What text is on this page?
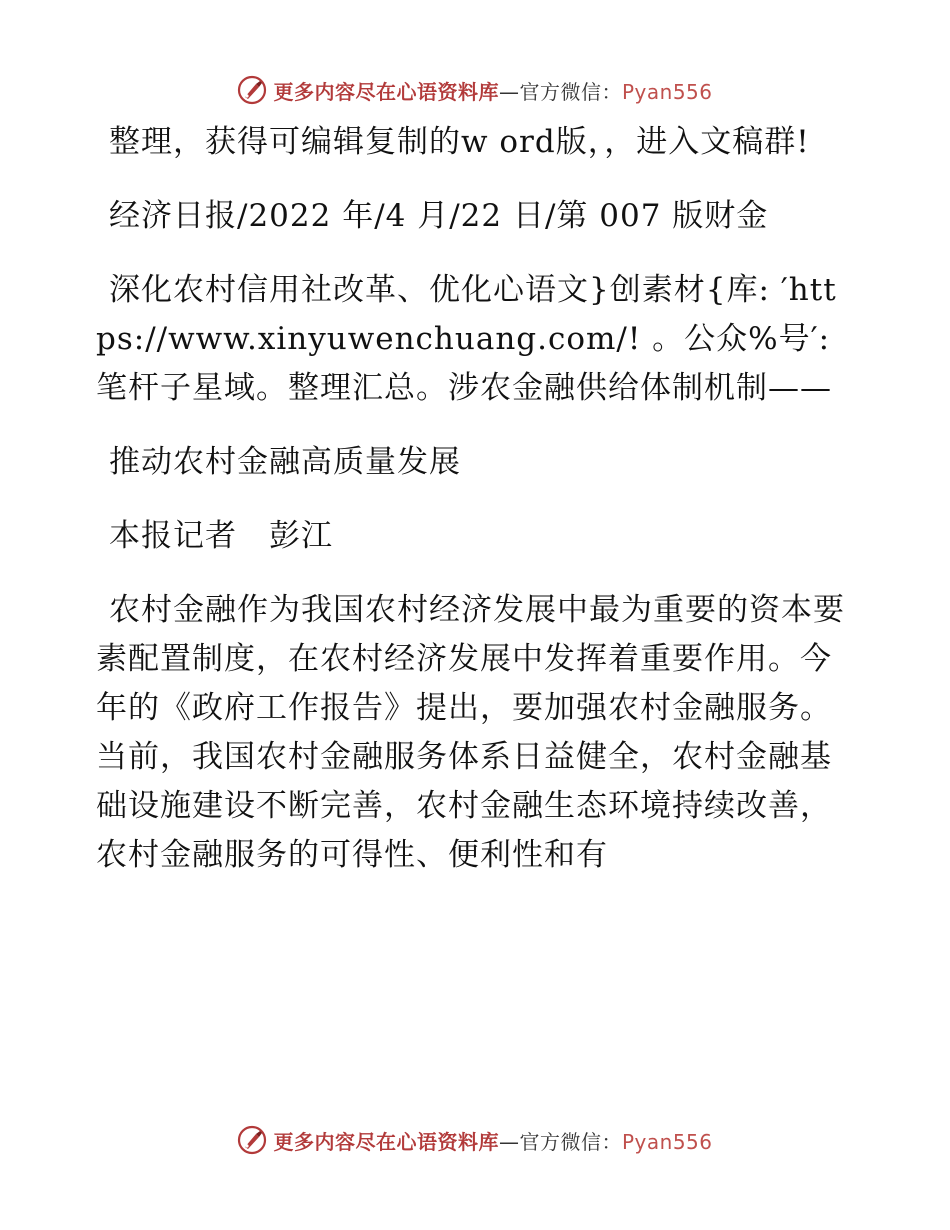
更多内容尽在心语资料库—官方微信：Pyan556

整理，获得可编辑复制的w ord版，，进入文稿群!

经济日报/2022 年/4 月/22 日/第 007 版财金

深化农村信用社改革、优化心语文}创素材{库: ′https://www.xinyuwenchuang.com/! 。公众%号′: 笔杆子星域。整理汇总。涉农金融供给体制机制——

推动农村金融高质量发展

本报记者　彭江

农村金融作为我国农村经济发展中最为重要的资本要素配置制度，在农村经济发展中发挥着重要作用。今年的《政府工作报告》提出，要加强农村金融服务。当前，我国农村金融服务体系日益健全，农村金融基础设施建设不断完善，农村金融生态环境持续改善，农村金融服务的可得性、便利性和有

更多内容尽在心语资料库—官方微信：Pyan556
